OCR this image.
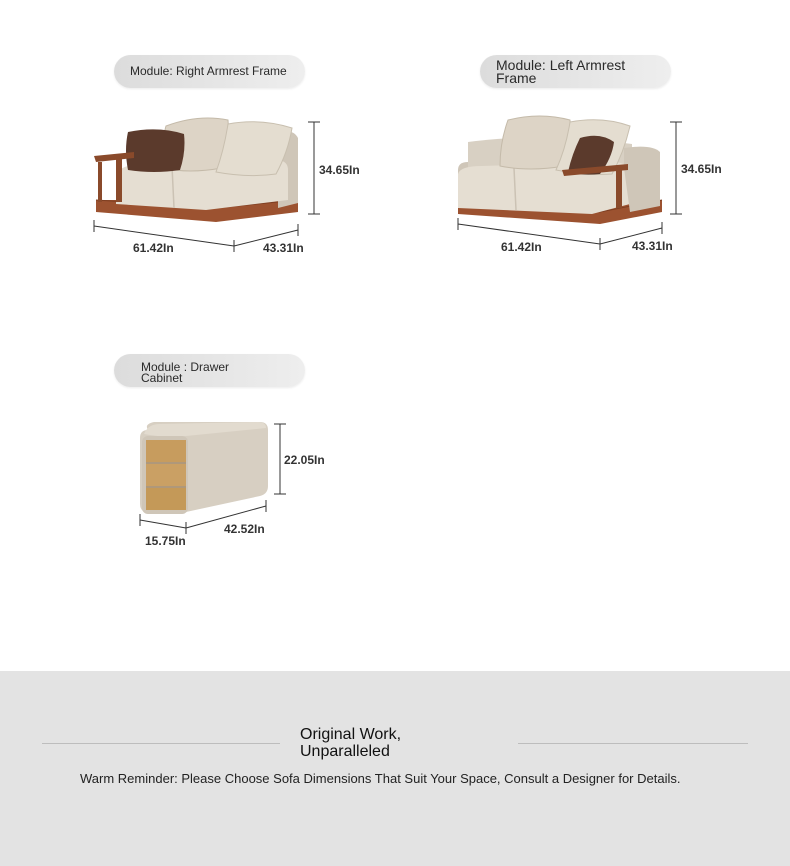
Module: Right Armrest Frame
34.65In
61.42In	43.31In
Module: Left Armrest
Frame
34.65In
61.42In	43.31In
Module : Drawer
Cabinet
22.05In
15.75In
42.52In
Original Work,
Unparalleled
Warm Reminder: Please Choose Sofa Dimensions That Suit Your Space, Consult a Designer for Details.
